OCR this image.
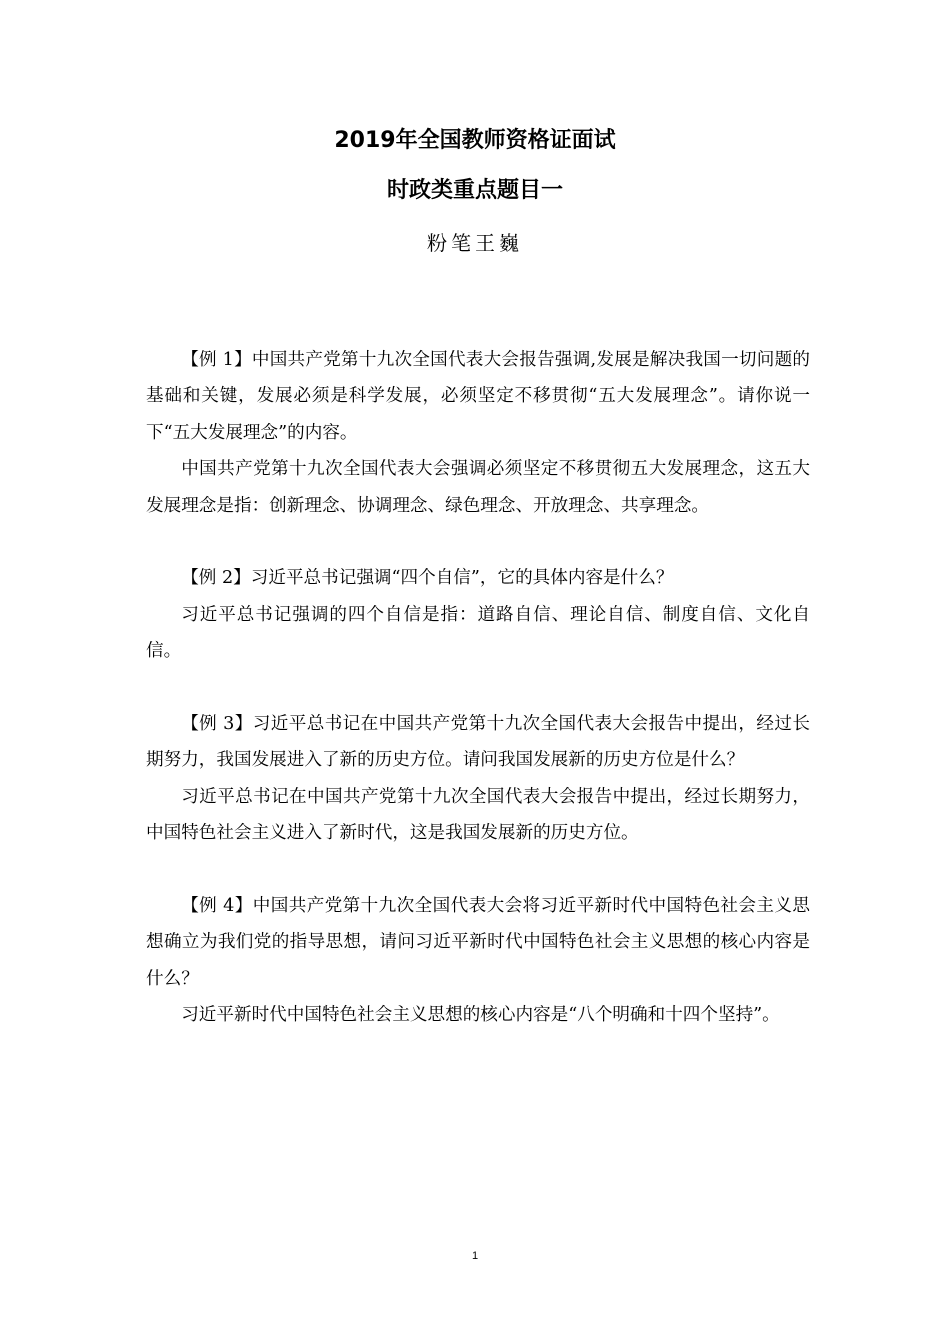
2019年全国教师资格证面试
时政类重点题目一
粉笔王巍

【例 1】中国共产党第十九次全国代表大会报告强调,发展是解决我国一切问题的基础和关键，发展必须是科学发展，必须坚定不移贯彻“五大发展理念”。请你说一下“五大发展理念”的内容。

中国共产党第十九次全国代表大会强调必须坚定不移贯彻五大发展理念，这五大发展理念是指：创新理念、协调理念、绿色理念、开放理念、共享理念。

【例 2】习近平总书记强调“四个自信”，它的具体内容是什么？

习近平总书记强调的四个自信是指：道路自信、理论自信、制度自信、文化自信。

【例 3】习近平总书记在中国共产党第十九次全国代表大会报告中提出，经过长期努力，我国发展进入了新的历史方位。请问我国发展新的历史方位是什么？

习近平总书记在中国共产党第十九次全国代表大会报告中提出，经过长期努力，中国特色社会主义进入了新时代，这是我国发展新的历史方位。

【例 4】中国共产党第十九次全国代表大会将习近平新时代中国特色社会主义思想确立为我们党的指导思想，请问习近平新时代中国特色社会主义思想的核心内容是什么？

习近平新时代中国特色社会主义思想的核心内容是“八个明确和十四个坚持”。

1
